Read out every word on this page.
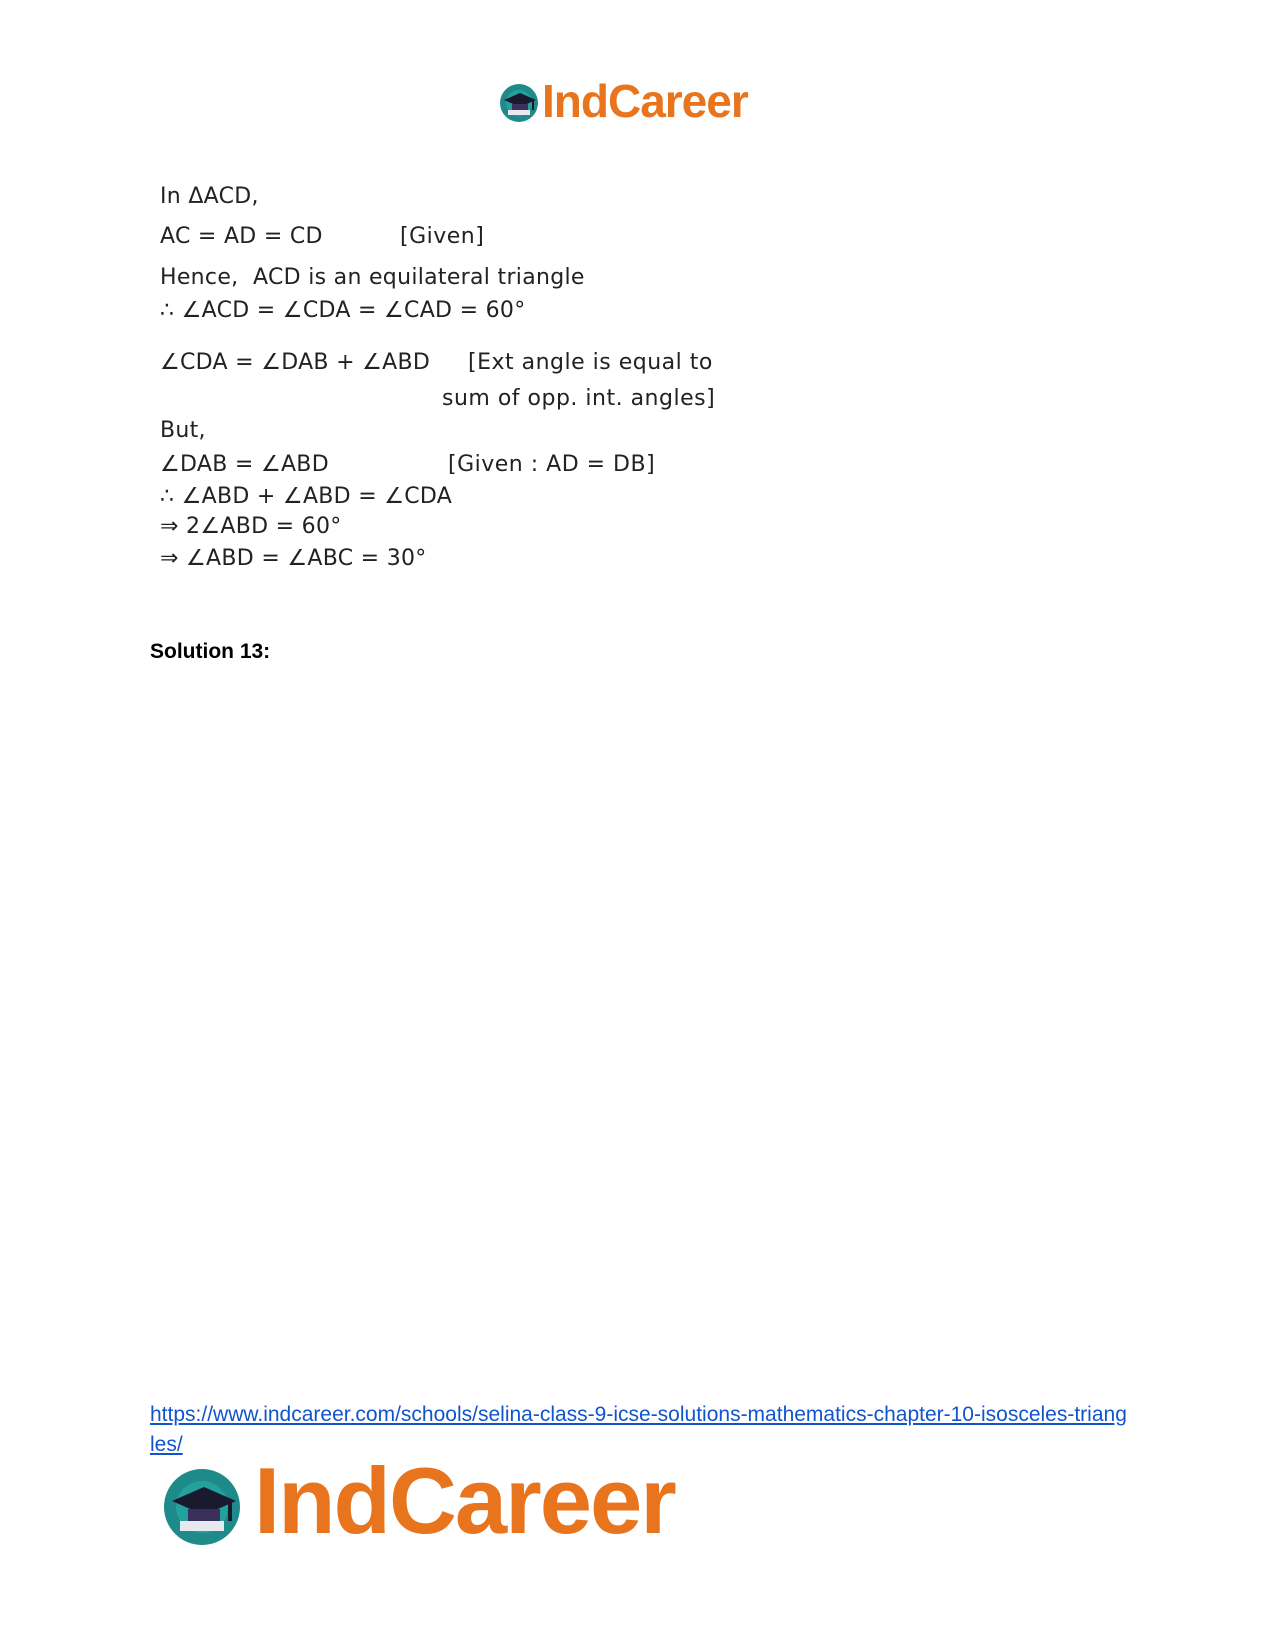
IndCareer
In ΔACD,
AC = AD = CD	[Given]
Hence,  ACD is an equilateral triangle
∴ ∠ACD = ∠CDA = ∠CAD = 60°
∠CDA = ∠DAB + ∠ABD [Ext angle is equal to
sum of opp. int. angles]
But,
∠DAB = ∠ABD	[Given : AD = DB]
∴ ∠ABD + ∠ABD = ∠CDA
⇒ 2∠ABD = 60°
⇒ ∠ABD = ∠ABC = 30°
Solution 13:
https://www.indcareer.com/schools/selina-class-9-icse-solutions-mathematics-chapter-10-isosceles-triangles/
IndCareer
